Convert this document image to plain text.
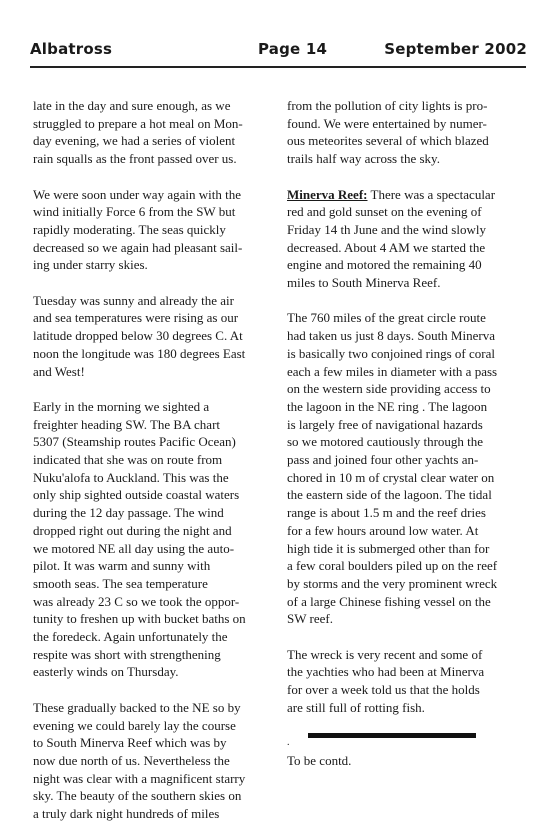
Albatross	Page 14	September 2002
late in the day and sure enough, as we
struggled to prepare a hot meal on Mon-
day evening, we had a series of violent
rain squalls as the front passed over us.
We were soon under way again with the
wind initially Force 6 from the SW but
rapidly moderating. The seas quickly
decreased so we again had pleasant sail-
ing under starry skies.
Tuesday was sunny and already the air
and sea temperatures were rising as our
latitude dropped below 30 degrees C. At
noon the longitude was 180 degrees East
and West!
Early in the morning we sighted a
freighter heading SW. The BA chart
5307 (Steamship routes Pacific Ocean)
indicated that she was on route from
Nuku'alofa to Auckland. This was the
only ship sighted outside coastal waters
during the 12 day passage. The wind
dropped right out during the night and
we motored NE all day using the auto-
pilot. It was warm and sunny with
smooth seas. The sea temperature
was already 23 C so we took the oppor-
tunity to freshen up with bucket baths on
the foredeck. Again unfortunately the
respite was short with strengthening
easterly winds on Thursday.
These gradually backed to the NE so by
evening we could barely lay the course
to South Minerva Reef which was by
now due north of us. Nevertheless the
night was clear with a magnificent starry
sky. The beauty of the southern skies on
a truly dark night hundreds of miles
from the pollution of city lights is pro-
found. We were entertained by numer-
ous meteorites several of which blazed
trails half way across the sky.
Minerva Reef: There was a spectacular
red and gold sunset on the evening of
Friday 14 th June and the wind slowly
decreased. About 4 AM we started the
engine and motored the remaining 40
miles to South Minerva Reef.
The 760 miles of the great circle route
had taken us just 8 days. South Minerva
is basically two conjoined rings of coral
each a few miles in diameter with a pass
on the western side providing access to
the lagoon in the NE ring . The lagoon
is largely free of navigational hazards
so we motored cautiously through the
pass and joined four other yachts an-
chored in 10 m of crystal clear water on
the eastern side of the lagoon. The tidal
range is about 1.5 m and the reef dries
for a few hours around low water. At
high tide it is submerged other than for
a few coral boulders piled up on the reef
by storms and the very prominent wreck
of a large Chinese fishing vessel on the
SW reef.
The wreck is very recent and some of
the yachties who had been at Minerva
for over a week told us that the holds
are still full of rotting fish.
.
To be contd.
